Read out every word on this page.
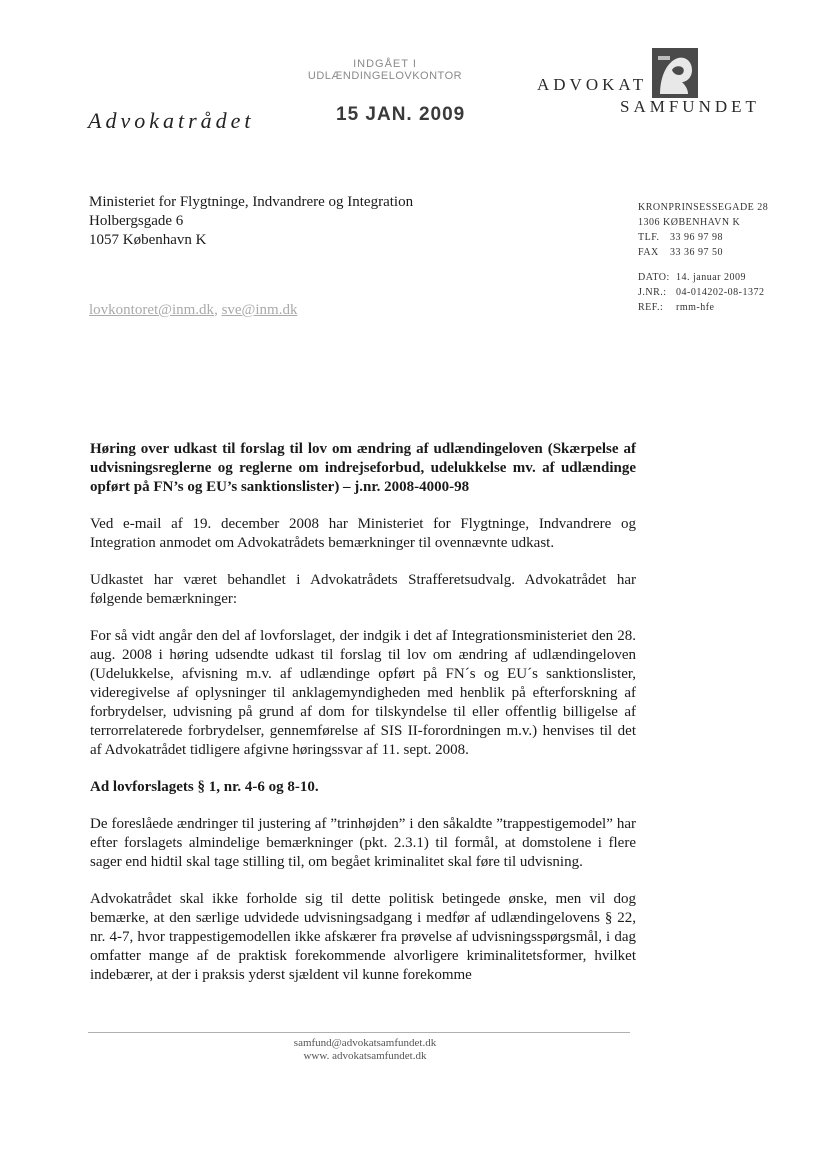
Advokatrådet
INDGÅET I
UDLÆNDINGELOVKONTOR
15 JAN. 2009
ADVOKAT
SAMFUNDET
Ministeriet for Flygtninge, Indvandrere og Integration
Holbergsgade 6
1057 København K
lovkontoret@inm.dk, sve@inm.dk
KRONPRINSESSEGADE 28
1306 KØBENHAVN K
TLF. 33 96 97 98
FAX 33 36 97 50
DATO: 14. januar 2009
J.NR.: 04-014202-08-1372
REF.: rmm-hfe

Høring over udkast til forslag til lov om ændring af udlændingeloven (Skærpelse af udvisningsreglerne og reglerne om indrejseforbud, udelukkelse mv. af udlændinge opført på FN’s og EU’s sanktionslister) – j.nr. 2008-4000-98

Ved e-mail af 19. december 2008 har Ministeriet for Flygtninge, Indvandrere og Integration anmodet om Advokatrådets bemærkninger til ovennævnte udkast.

Udkastet har været behandlet i Advokatrådets Strafferetsudvalg. Advokatrådet har følgende bemærkninger:

For så vidt angår den del af lovforslaget, der indgik i det af Integrationsministeriet den 28. aug. 2008 i høring udsendte udkast til forslag til lov om ændring af udlændingeloven (Udelukkelse, afvisning m.v. af udlændinge opført på FN´s og EU´s sanktionslister, videregivelse af oplysninger til anklagemyndigheden med henblik på efterforskning af forbrydelser, udvisning på grund af dom for tilskyndelse til eller offentlig billigelse af terrorrelaterede forbrydelser, gennemførelse af SIS II-forordningen m.v.) henvises til det af Advokatrådet tidligere afgivne høringssvar af 11. sept. 2008.

Ad lovforslagets § 1, nr. 4-6 og 8-10.

De foreslåede ændringer til justering af ”trinhøjden” i den såkaldte ”trappestigemodel” har efter forslagets almindelige bemærkninger (pkt. 2.3.1) til formål, at domstolene i flere sager end hidtil skal tage stilling til, om begået kriminalitet skal føre til udvisning.

Advokatrådet skal ikke forholde sig til dette politisk betingede ønske, men vil dog bemærke, at den særlige udvidede udvisningsadgang i medfør af udlændingelovens § 22, nr. 4-7, hvor trappestigemodellen ikke afskærer fra prøvelse af udvisningsspørgsmål, i dag omfatter mange af de praktisk forekommende alvorligere kriminalitetsformer, hvilket indebærer, at der i praksis yderst sjældent vil kunne forekomme

samfund@advokatsamfundet.dk
www. advokatsamfundet.dk
